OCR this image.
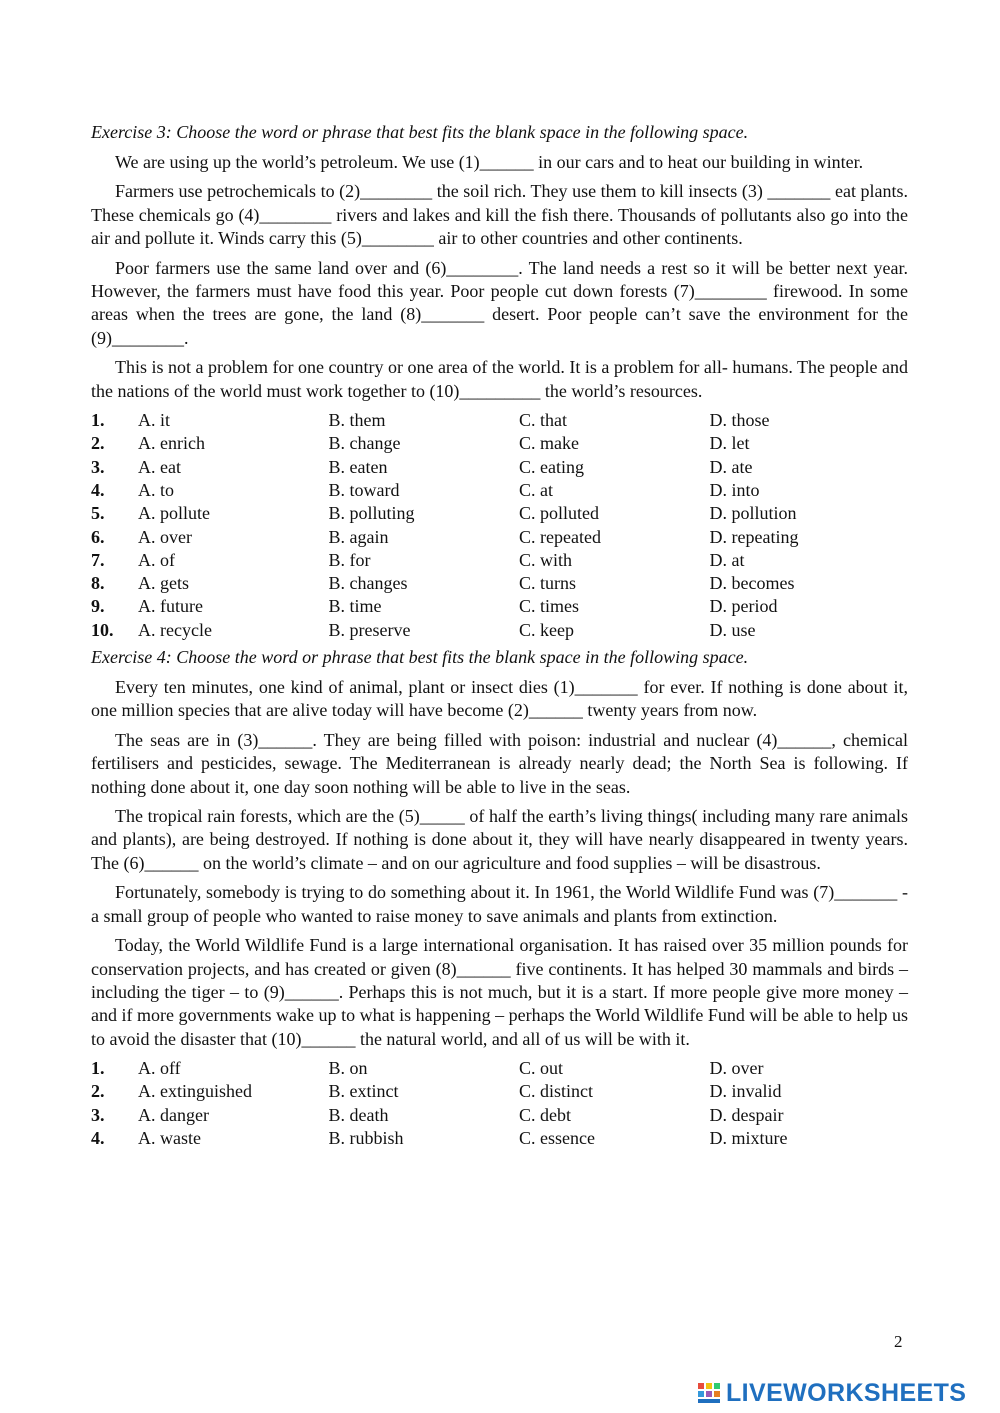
Exercise 3: Choose the word or phrase that best fits the blank space in the following space.

We are using up the world’s petroleum. We use (1)______ in our cars and to heat our building in winter.

Farmers use petrochemicals to (2)________ the soil rich. They use them to kill insects (3) _______ eat plants. These chemicals go (4)________ rivers and lakes and kill the fish there. Thousands of pollutants also go into the air and pollute it. Winds carry this (5)________ air to other countries and other continents.

Poor farmers use the same land over and (6)________. The land needs a rest so it will be better next year. However, the farmers must have food this year. Poor people cut down forests (7)________ firewood. In some areas when the trees are gone, the land (8)_______ desert. Poor people can’t save the environment for the (9)________.

This is not a problem for one country or one area of the world. It is a problem for all- humans. The people and the nations of the world must work together to (10)_________ the world’s resources.

1.	A. it	B. them	C. that	D. those
2.	A. enrich	B. change	C. make	D. let
3.	A. eat	B. eaten	C. eating	D. ate
4.	A. to	B. toward	C. at	D. into
5.	A. pollute	B. polluting	C. polluted	D. pollution
6.	A. over	B. again	C. repeated	D. repeating
7.	A. of	B. for	C. with	D. at
8.	A. gets	B. changes	C. turns	D. becomes
9.	A. future	B. time	C. times	D. period
10.	A. recycle	B. preserve	C. keep	D. use
Exercise 4: Choose the word or phrase that best fits the blank space in the following space.

Every ten minutes, one kind of animal, plant or insect dies (1)_______ for ever. If nothing is done about it, one million species that are alive today will have become (2)______ twenty years from now.

The seas are in (3)______. They are being filled with poison: industrial and nuclear (4)______, chemical fertilisers and pesticides, sewage. The Mediterranean is already nearly dead; the North Sea is following. If nothing done about it, one day soon nothing will be able to live in the seas.

The tropical rain forests, which are the (5)_____ of half the earth’s living things( including many rare animals and plants), are being destroyed. If nothing is done about it, they will have nearly disappeared in twenty years. The (6)______ on the world’s climate – and on our agriculture and food supplies – will be disastrous.

Fortunately, somebody is trying to do something about it. In 1961, the World Wildlife Fund was (7)_______ - a small group of people who wanted to raise money to save animals and plants from extinction.

Today, the World Wildlife Fund is a large international organisation. It has raised over 35 million pounds for conservation projects, and has created or given (8)______ five continents. It has helped 30 mammals and birds – including the tiger – to (9)______. Perhaps this is not much, but it is a start. If more people give more money – and if more governments wake up to what is happening – perhaps the World Wildlife Fund will be able to help us to avoid the disaster that (10)______ the natural world, and all of us will be with it.

1.	A. off	B. on	C. out	D. over
2.	A. extinguished	B. extinct	C. distinct	D. invalid
3.	A. danger	B. death	C. debt	D. despair
4.	A. waste	B. rubbish	C. essence	D. mixture
2
LIVEWORKSHEETS
